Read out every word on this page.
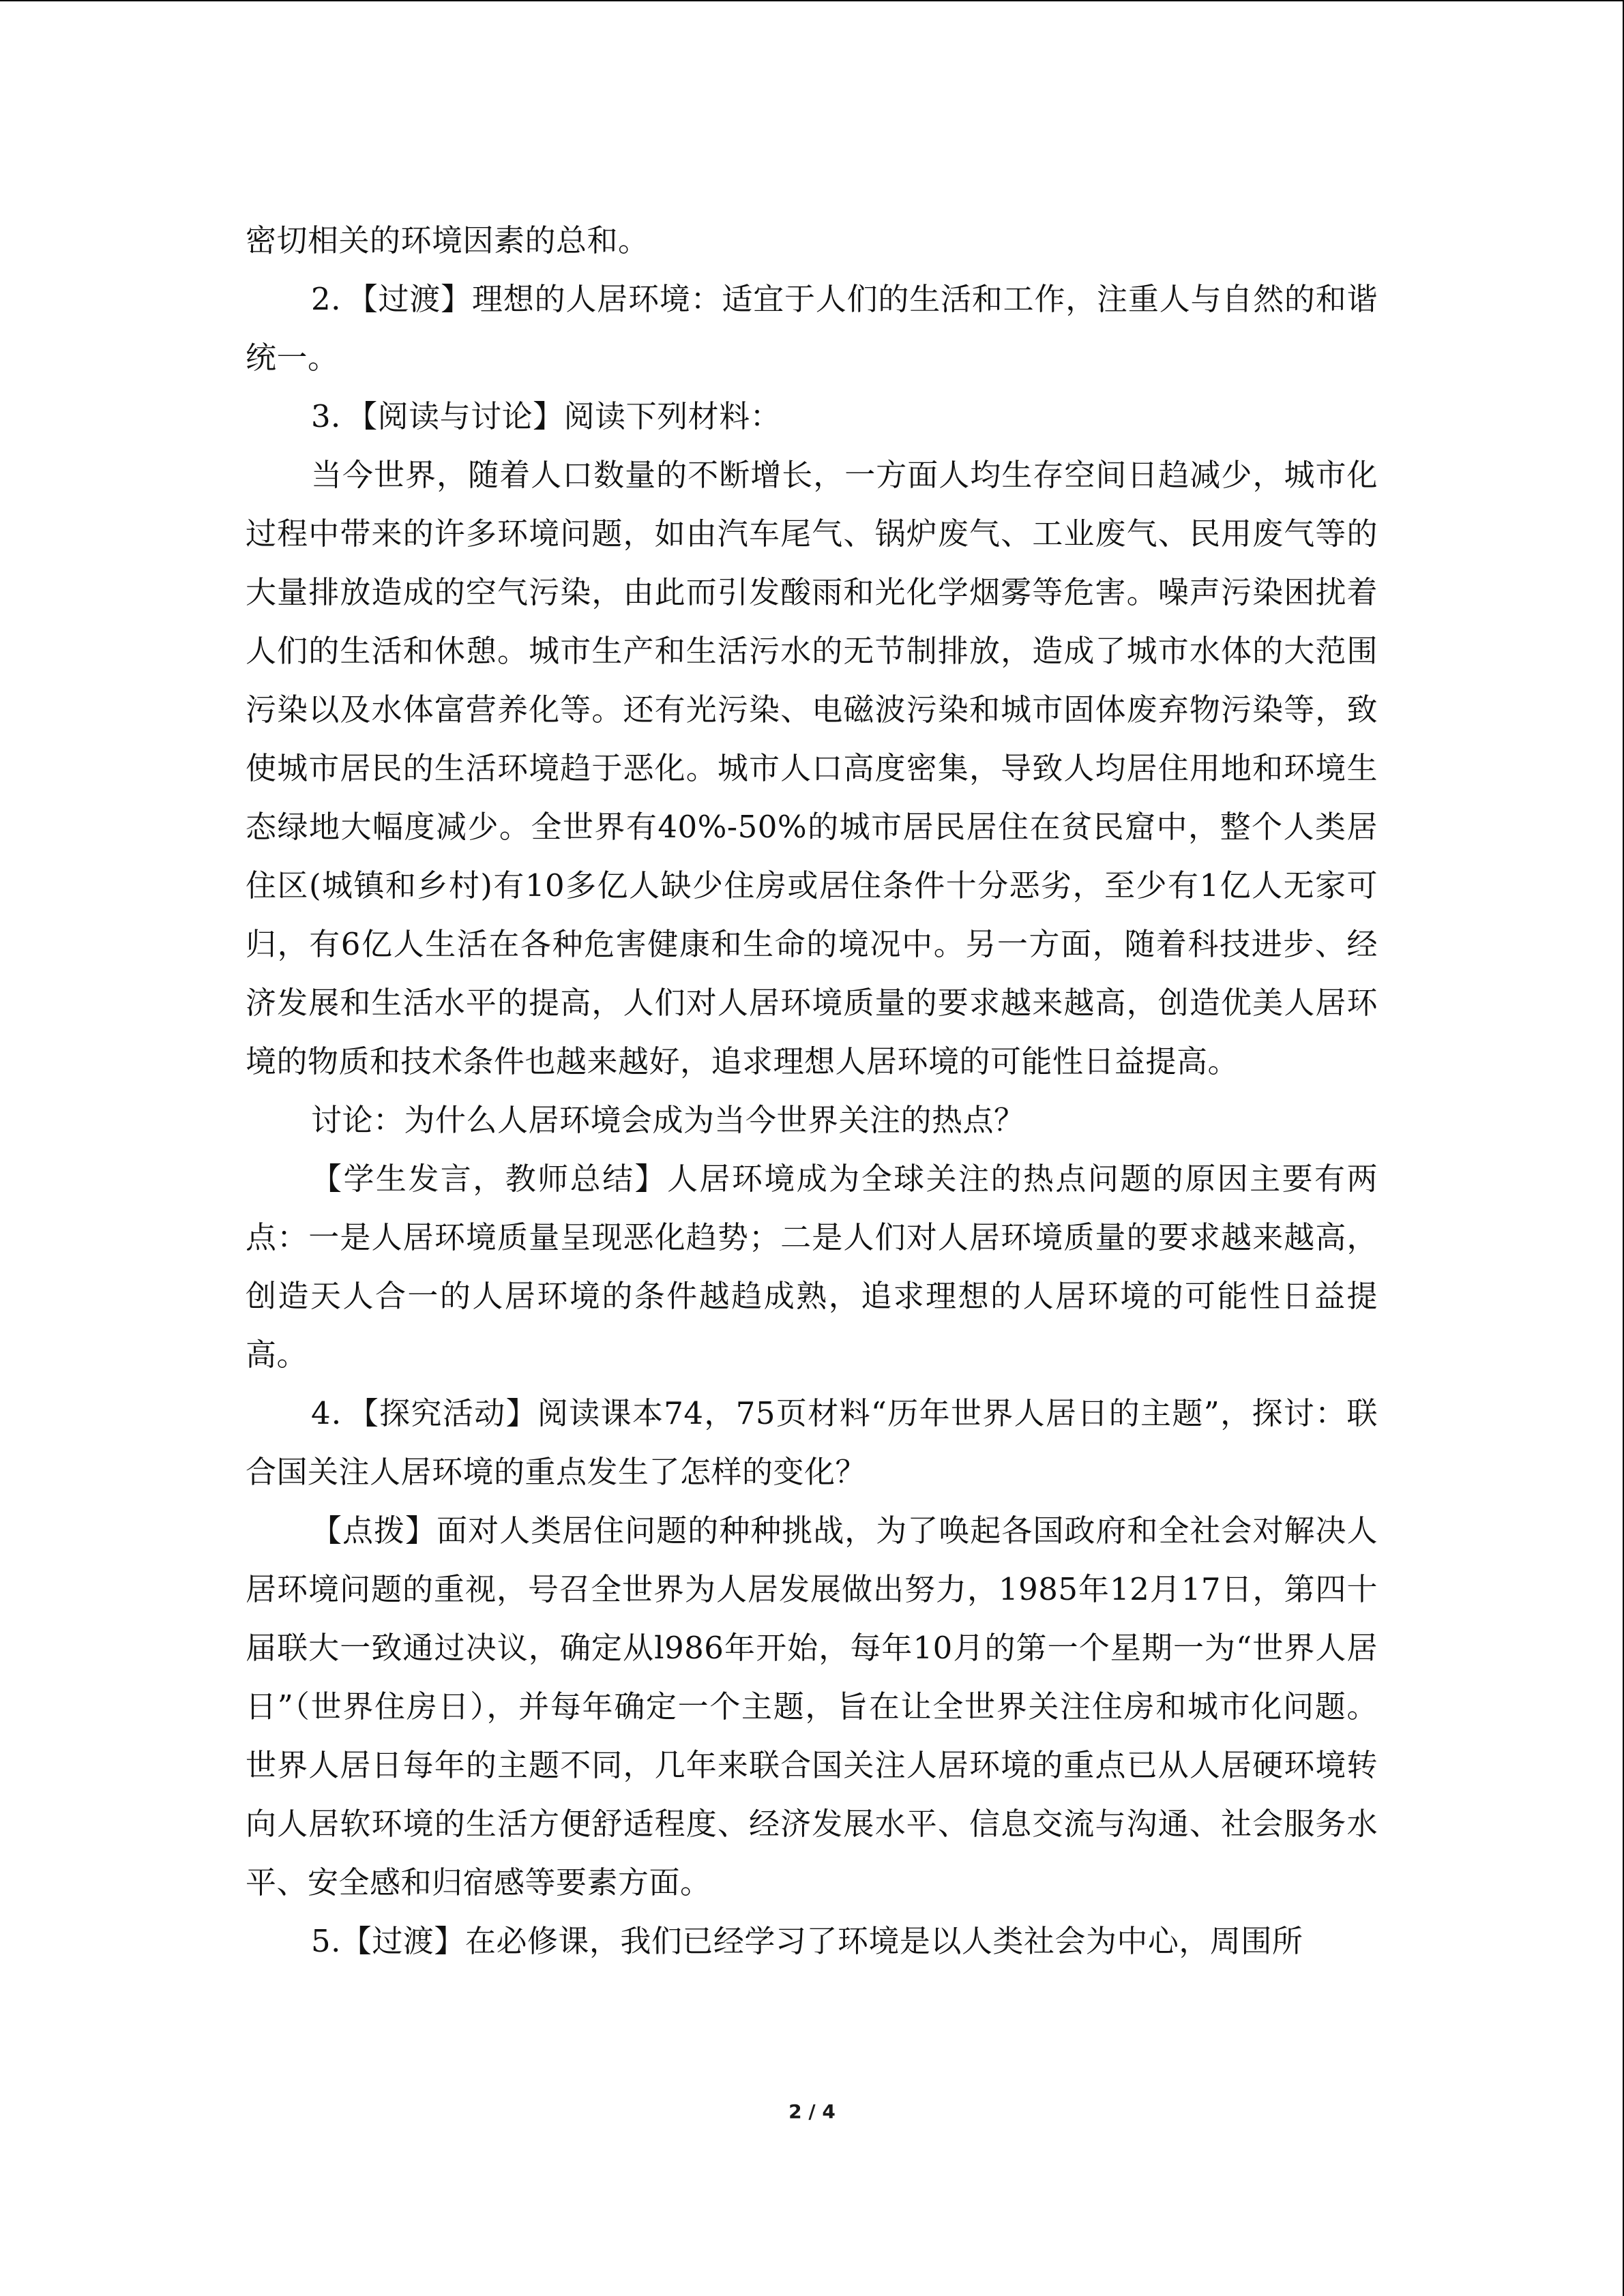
密切相关的环境因素的总和。

2．【过渡】理想的人居环境：适宜于人们的生活和工作，注重人与自然的和谐统一。

3．【阅读与讨论】阅读下列材料：

当今世界，随着人口数量的不断增长，一方面人均生存空间日趋减少，城市化过程中带来的许多环境问题，如由汽车尾气、锅炉废气、工业废气、民用废气等的大量排放造成的空气污染，由此而引发酸雨和光化学烟雾等危害。噪声污染困扰着人们的生活和休憩。城市生产和生活污水的无节制排放，造成了城市水体的大范围污染以及水体富营养化等。还有光污染、电磁波污染和城市固体废弃物污染等，致使城市居民的生活环境趋于恶化。城市人口高度密集，导致人均居住用地和环境生态绿地大幅度减少。全世界有40%-50%的城市居民居住在贫民窟中，整个人类居住区(城镇和乡村)有10多亿人缺少住房或居住条件十分恶劣，至少有1亿人无家可归，有6亿人生活在各种危害健康和生命的境况中。另一方面，随着科技进步、经济发展和生活水平的提高，人们对人居环境质量的要求越来越高，创造优美人居环境的物质和技术条件也越来越好，追求理想人居环境的可能性日益提高。

讨论：为什么人居环境会成为当今世界关注的热点？

【学生发言，教师总结】人居环境成为全球关注的热点问题的原因主要有两点：一是人居环境质量呈现恶化趋势；二是人们对人居环境质量的要求越来越高，创造天人合一的人居环境的条件越趋成熟，追求理想的人居环境的可能性日益提高。

4．【探究活动】阅读课本74，75页材料“历年世界人居日的主题”，探讨：联合国关注人居环境的重点发生了怎样的变化？

【点拨】面对人类居住问题的种种挑战，为了唤起各国政府和全社会对解决人居环境问题的重视，号召全世界为人居发展做出努力，1985年12月17日，第四十届联大一致通过决议，确定从l986年开始，每年10月的第一个星期一为“世界人居日”（世界住房日），并每年确定一个主题，旨在让全世界关注住房和城市化问题。世界人居日每年的主题不同，几年来联合国关注人居环境的重点已从人居硬环境转向人居软环境的生活方便舒适程度、经济发展水平、信息交流与沟通、社会服务水平、安全感和归宿感等要素方面。

5.【过渡】在必修课，我们已经学习了环境是以人类社会为中心，周围所

2 / 4
